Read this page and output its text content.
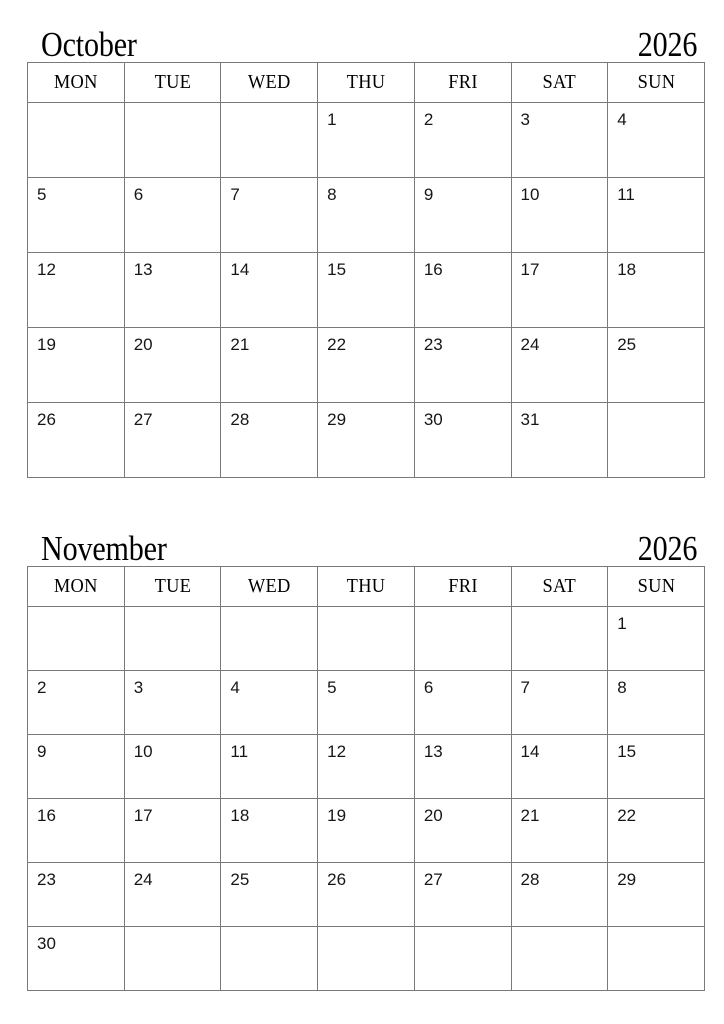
October	2026
MON	TUE	WED	THU	FRI	SAT	SUN

			1	2	3	4

5	6	7	8	9	10	11

12	13	14	15	16	17	18

19	20	21	22	23	24	25

26	27	28	29	30	31	

November	2026
MON	TUE	WED	THU	FRI	SAT	SUN

						1

2	3	4	5	6	7	8

9	10	11	12	13	14	15

16	17	18	19	20	21	22

23	24	25	26	27	28	29

30						
